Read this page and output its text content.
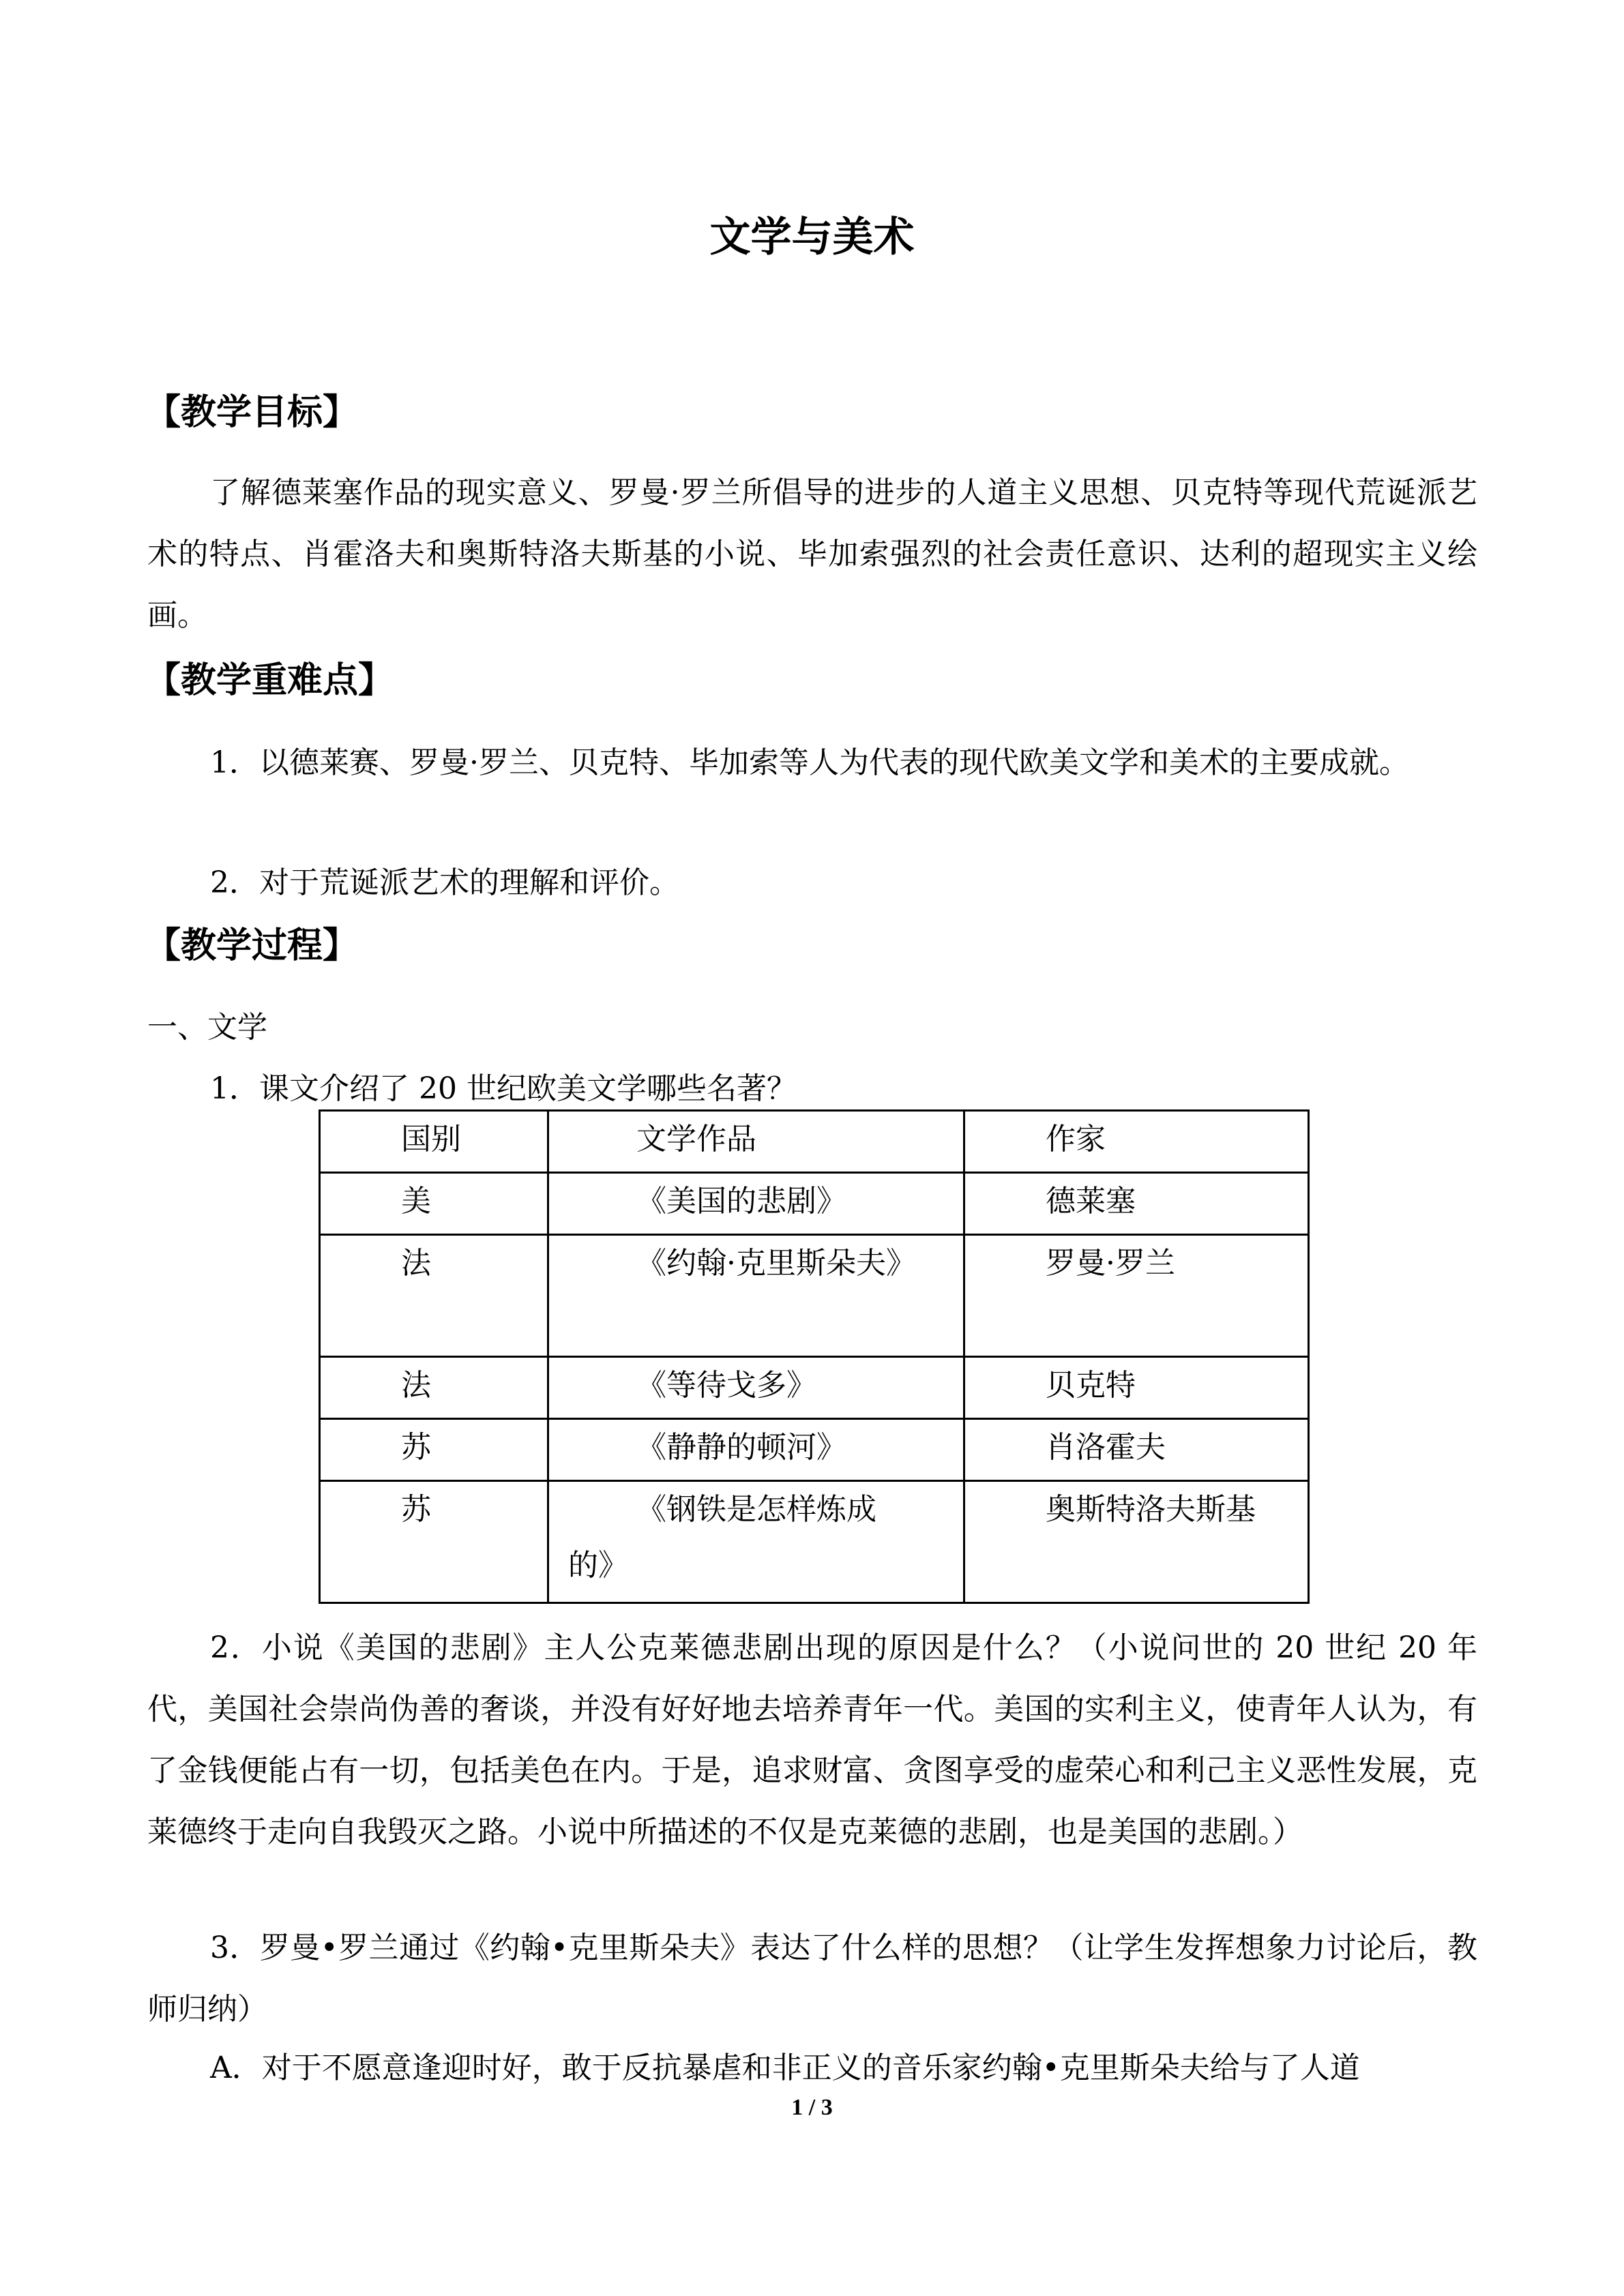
文学与美术
【教学目标】
了解德莱塞作品的现实意义、罗曼·罗兰所倡导的进步的人道主义思想、贝克特等现代荒诞派艺术的特点、肖霍洛夫和奥斯特洛夫斯基的小说、毕加索强烈的社会责任意识、达利的超现实主义绘画。
【教学重难点】
1．以德莱赛、罗曼·罗兰、贝克特、毕加索等人为代表的现代欧美文学和美术的主要成就。
2．对于荒诞派艺术的理解和评价。
【教学过程】
一、文学
1．课文介绍了 20 世纪欧美文学哪些名著？
国别	文学作品	作家
美	《美国的悲剧》	德莱塞
法	《约翰·克里斯朵夫》	罗曼·罗兰
法	《等待戈多》	贝克特
苏	《静静的顿河》	肖洛霍夫
苏	《钢铁是怎样炼成的》	奥斯特洛夫斯基
2．小说《美国的悲剧》主人公克莱德悲剧出现的原因是什么？（小说问世的 20 世纪 20 年代，美国社会崇尚伪善的奢谈，并没有好好地去培养青年一代。美国的实利主义，使青年人认为，有了金钱便能占有一切，包括美色在内。于是，追求财富、贪图享受的虚荣心和利己主义恶性发展，克莱德终于走向自我毁灭之路。小说中所描述的不仅是克莱德的悲剧，也是美国的悲剧。）
3．罗曼•罗兰通过《约翰•克里斯朵夫》表达了什么样的思想？（让学生发挥想象力讨论后，教师归纳）
A．对于不愿意逢迎时好，敢于反抗暴虐和非正义的音乐家约翰•克里斯朵夫给与了人道
1 / 3
